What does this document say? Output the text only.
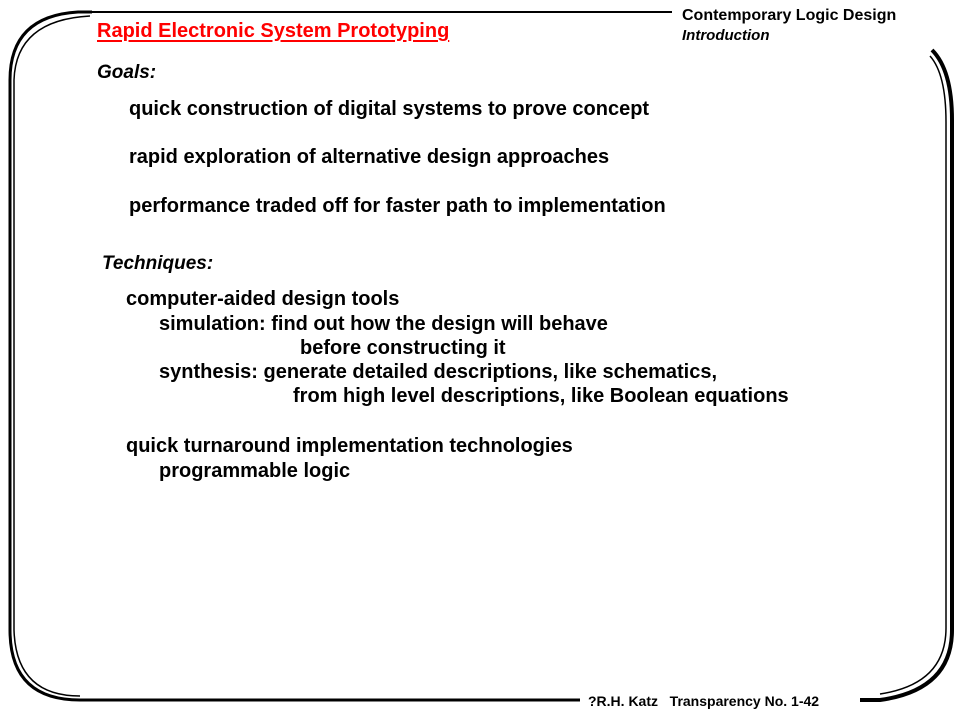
Rapid Electronic System Prototyping
Contemporary Logic Design
Introduction
Goals:
quick construction of digital systems to prove concept
rapid exploration of alternative design approaches
performance traded off for faster path to implementation
Techniques:
computer-aided design tools
simulation: find out how the design will behave
before constructing it
synthesis: generate detailed descriptions, like schematics,
from high level descriptions, like Boolean equations
quick turnaround implementation technologies
programmable logic
?R.H. Katz Transparency No. 1-42
